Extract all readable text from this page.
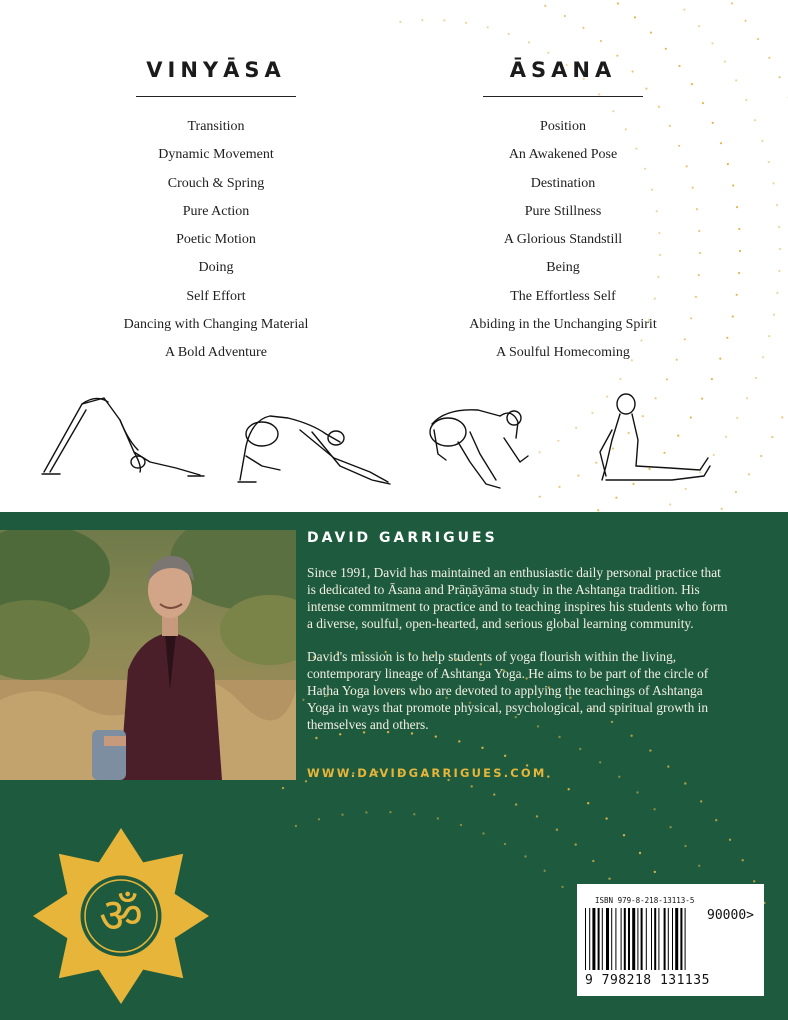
VINYĀSA
Transition
Dynamic Movement
Crouch & Spring
Pure Action
Poetic Motion
Doing
Self Effort
Dancing with Changing Material
A Bold Adventure
ĀSANA
Position
An Awakened Pose
Destination
Pure Stillness
A Glorious Standstill
Being
The Effortless Self
Abiding in the Unchanging Spirit
A Soulful Homecoming
DAVID GARRIGUES

Since 1991, David has maintained an enthusiastic daily personal practice that is dedicated to Āsana and Prāṇāyāma study in the Ashtanga tradition. His intense commitment to practice and to teaching inspires his students who form a diverse, soulful, open-hearted, and serious global learning community.

David's mission is to help students of yoga flourish within the living, contemporary lineage of Ashtanga Yoga. He aims to be part of the circle of Haṭha Yoga lovers who are devoted to applying the teachings of Ashtanga Yoga in ways that promote physical, psychological, and spiritual growth in themselves and others.

WWW.DAVIDGARRIGUES.COM
ॐ	ISBN 979-8-218-13113-5
90000>
9 798218 131135
